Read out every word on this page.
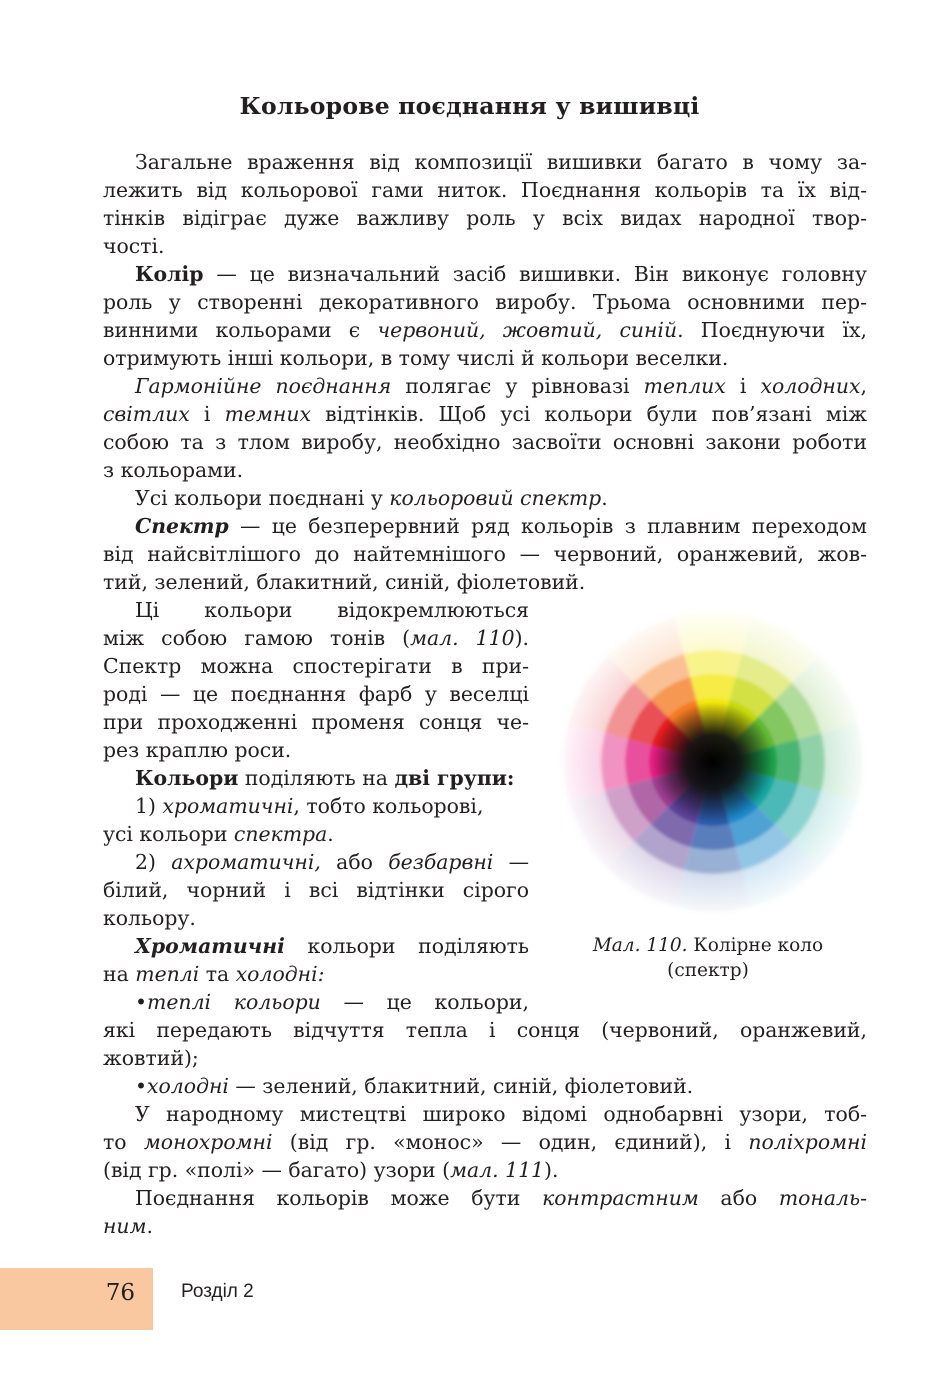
Кольорове поєднання у вишивці
Загальне враження від композиції вишивки багато в чому за-
лежить від кольорової гами ниток. Поєднання кольорів та їх від-
тінків відіграє дуже важливу роль у всіх видах народної твор-
чості.
Колір — це визначальний засіб вишивки. Він виконує головну
роль у створенні декоративного виробу. Трьома основними пер-
винними кольорами є червоний, жовтий, синій. Поєднуючи їх,
отримують інші кольори, в тому числі й кольори веселки.
Гармонійне поєднання полягає у рівновазі теплих і холодних,
світлих і темних відтінків. Щоб усі кольори були пов’язані між
собою та з тлом виробу, необхідно засвоїти основні закони роботи
з кольорами.
Усі кольори поєднані у кольоровий спектр.
Спектр — це безперервний ряд кольорів з плавним переходом
від найсвітлішого до найтемнішого — червоний, оранжевий, жов-
тий, зелений, блакитний, синій, фіолетовий.
Ці кольори відокремлюються
між собою гамою тонів (мал. 110).
Спектр можна спостерігати в при-
роді — це поєднання фарб у веселці
при проходженні променя сонця че-
рез краплю роси.
Кольори поділяють на дві групи:
1) хроматичні, тобто кольорові,
усі кольори спектра.
2) ахроматичні, або безбарвні —
білий, чорний і всі відтінки сірого
кольору.
Хроматичні кольори поділяють
на теплі та холодні:
•теплі кольори — це кольори,
які передають відчуття тепла і сонця (червоний, оранжевий,
жовтий);
•холодні — зелений, блакитний, синій, фіолетовий.
У народному мистецтві широко відомі однобарвні узори, тоб-
то монохромні (від гр. «монос» — один, єдиний), і поліхромні
(від гр. «полі» — багато) узори (мал. 111).
Поєднання кольорів може бути контрастним або тональ-
ним.
Мал. 110. Колірне коло
(спектр)
76 Розділ 2
